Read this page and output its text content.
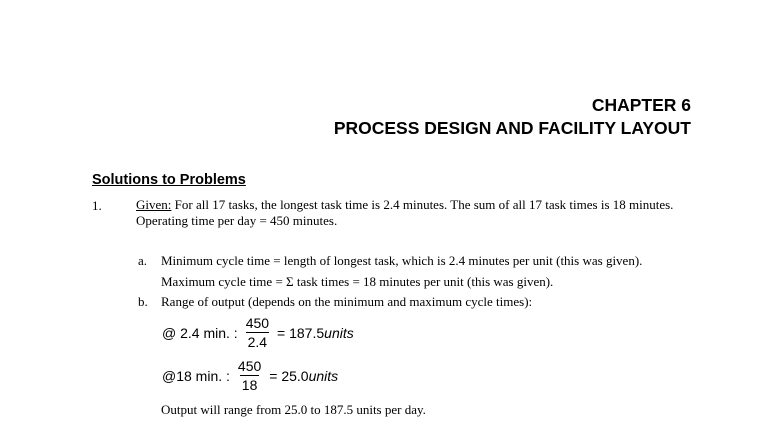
CHAPTER 6
PROCESS DESIGN AND FACILITY LAYOUT
Solutions to Problems
1.	Given: For all 17 tasks, the longest task time is 2.4 minutes. The sum of all 17 task times is 18 minutes. Operating time per day = 450 minutes.
a. Minimum cycle time = length of longest task, which is 2.4 minutes per unit (this was given).
Maximum cycle time = Σ task times = 18 minutes per unit (this was given).
b. Range of output (depends on the minimum and maximum cycle times):
@ 2.4 min. : $\frac{450}{2.4} = 187.5$ units
@18 min. : $\frac{450}{18} = 25.0$ units
Output will range from 25.0 to 187.5 units per day.
